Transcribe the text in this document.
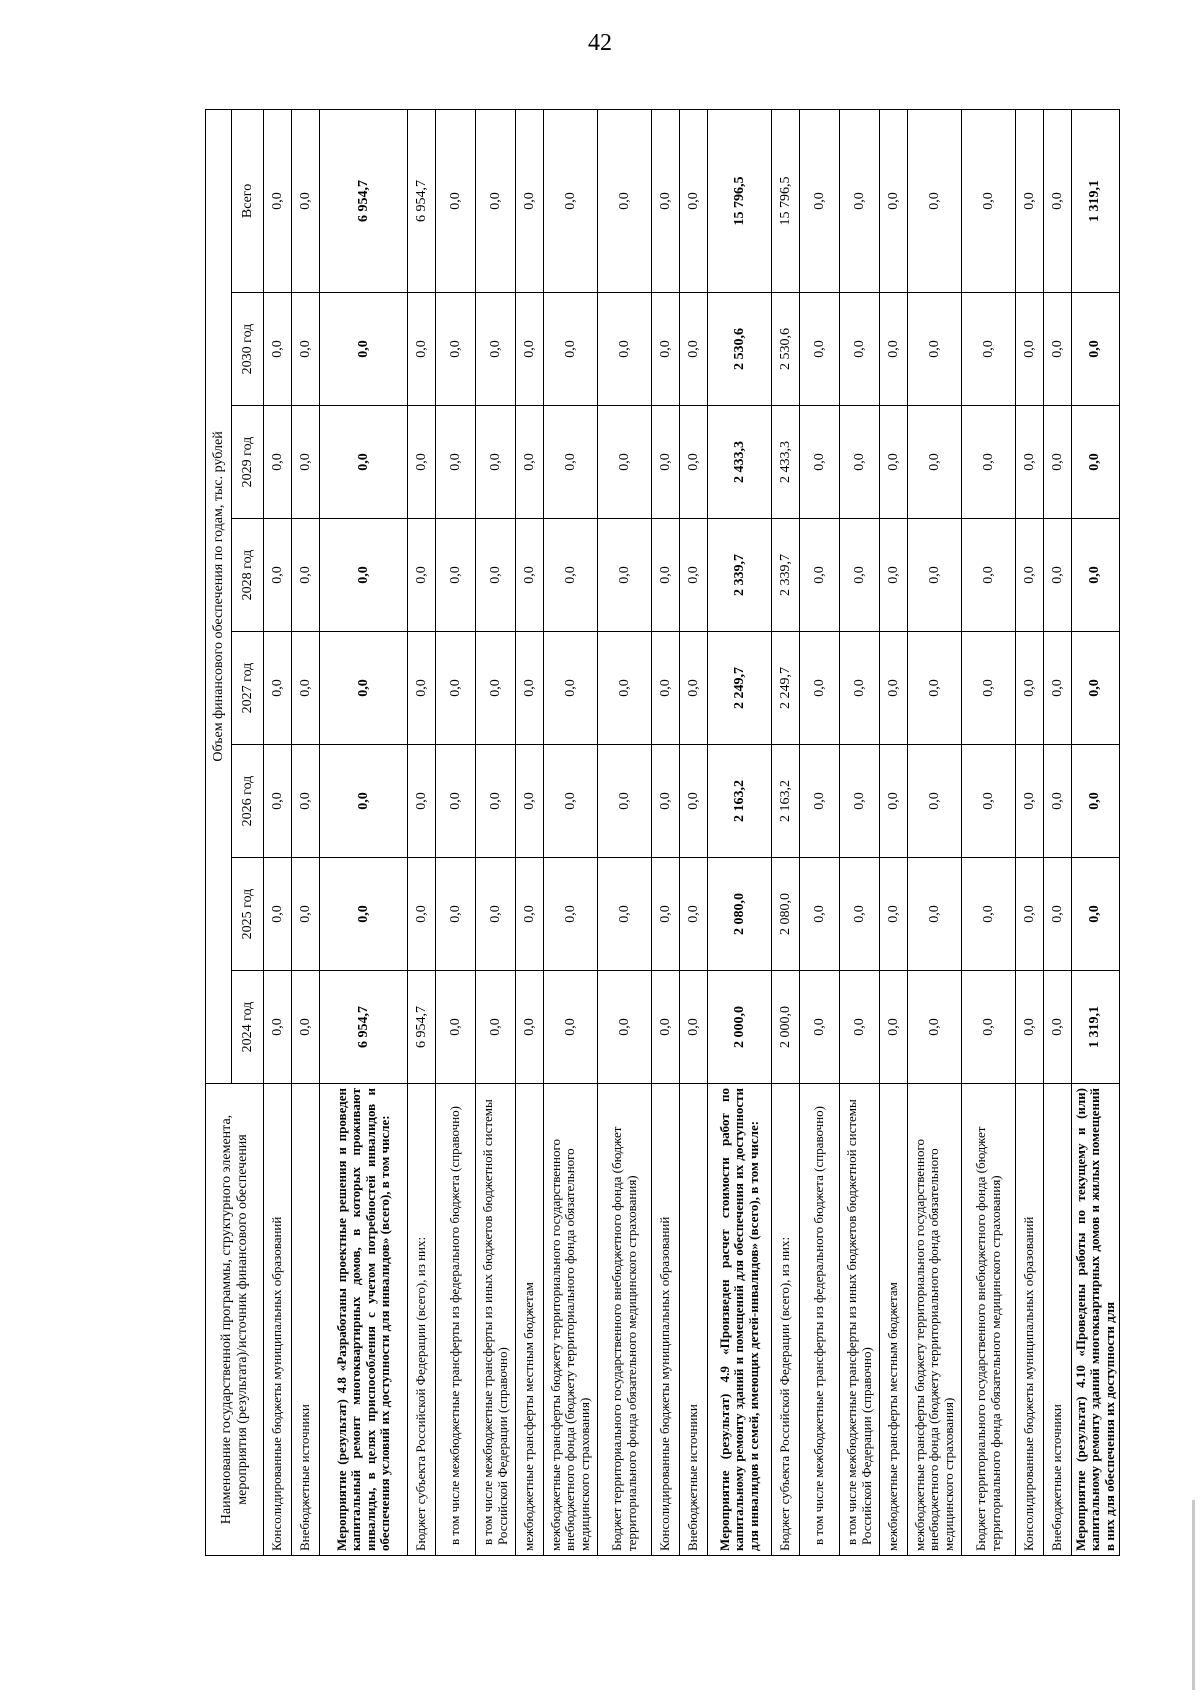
42
Наименование государственной программы, структурного элемента, мероприятия (результата)/источник финансового обеспечения	Объем финансового обеспечения по годам, тыс. рублей							
	2024 год	2025 год	2026 год	2027 год	2028 год	2029 год	2030 год	Всего
Консолидированные бюджеты муниципальных образований	0,0	0,0	0,0	0,0	0,0	0,0	0,0	0,0
Внебюджетные источники	0,0	0,0	0,0	0,0	0,0	0,0	0,0	0,0
Мероприятие (результат) 4.8 «Разработаны проектные решения и проведен капитальный ремонт многоквартирных домов, в которых проживают инвалиды, в целях приспособления с учетом потребностей инвалидов и обеспечения условий их доступности для инвалидов» (всего), в том числе:	6 954,7	0,0	0,0	0,0	0,0	0,0	0,0	6 954,7
Бюджет субъекта Российской Федерации (всего), из них:	6 954,7	0,0	0,0	0,0	0,0	0,0	0,0	6 954,7
в том числе межбюджетные трансферты из федерального бюджета (справочно)	0,0	0,0	0,0	0,0	0,0	0,0	0,0	0,0
в том числе межбюджетные трансферты из иных бюджетов бюджетной системы Российской Федерации (справочно)	0,0	0,0	0,0	0,0	0,0	0,0	0,0	0,0
межбюджетные трансферты местным бюджетам	0,0	0,0	0,0	0,0	0,0	0,0	0,0	0,0
межбюджетные трансферты бюджету территориального государственного внебюджетного фонда (бюджету территориального фонда обязательного медицинского страхования)	0,0	0,0	0,0	0,0	0,0	0,0	0,0	0,0
Бюджет территориального государственного внебюджетного фонда (бюджет территориального фонда обязательного медицинского страхования)	0,0	0,0	0,0	0,0	0,0	0,0	0,0	0,0
Консолидированные бюджеты муниципальных образований	0,0	0,0	0,0	0,0	0,0	0,0	0,0	0,0
Внебюджетные источники	0,0	0,0	0,0	0,0	0,0	0,0	0,0	0,0
Мероприятие (результат) 4.9 «Произведен расчет стоимости работ по капитальному ремонту зданий и помещений для обеспечения их доступности для инвалидов и семей, имеющих детей-инвалидов» (всего), в том числе:	2 000,0	2 080,0	2 163,2	2 249,7	2 339,7	2 433,3	2 530,6	15 796,5
Бюджет субъекта Российской Федерации (всего), из них:	2 000,0	2 080,0	2 163,2	2 249,7	2 339,7	2 433,3	2 530,6	15 796,5
в том числе межбюджетные трансферты из федерального бюджета (справочно)	0,0	0,0	0,0	0,0	0,0	0,0	0,0	0,0
в том числе межбюджетные трансферты из иных бюджетов бюджетной системы Российской Федерации (справочно)	0,0	0,0	0,0	0,0	0,0	0,0	0,0	0,0
межбюджетные трансферты местным бюджетам	0,0	0,0	0,0	0,0	0,0	0,0	0,0	0,0
межбюджетные трансферты бюджету территориального государственного внебюджетного фонда (бюджету территориального фонда обязательного медицинского страхования)	0,0	0,0	0,0	0,0	0,0	0,0	0,0	0,0
Бюджет территориального государственного внебюджетного фонда (бюджет территориального фонда обязательного медицинского страхования)	0,0	0,0	0,0	0,0	0,0	0,0	0,0	0,0
Консолидированные бюджеты муниципальных образований	0,0	0,0	0,0	0,0	0,0	0,0	0,0	0,0
Внебюджетные источники	0,0	0,0	0,0	0,0	0,0	0,0	0,0	0,0
Мероприятие (результат) 4.10 «Проведены работы по текущему и (или) капитальному ремонту зданий многоквартирных домов и жилых помещений в них для обеспечения их доступности для	1 319,1	0,0	0,0	0,0	0,0	0,0	0,0	1 319,1
